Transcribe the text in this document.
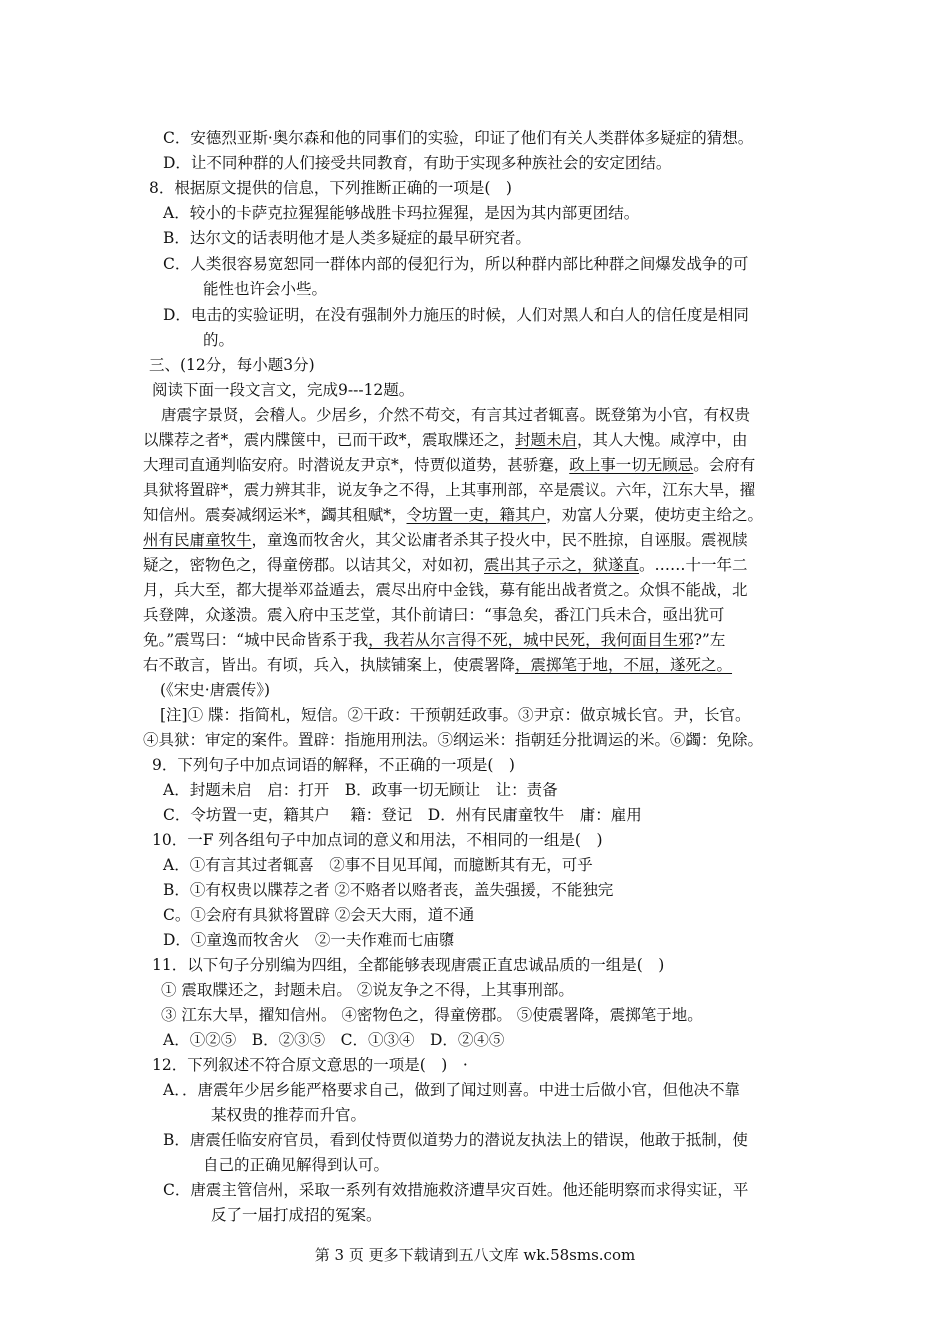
C．安德烈亚斯·奥尔森和他的同事们的实验，印证了他们有关人类群体多疑症的猜想。
D．让不同种群的人们接受共同教育，有助于实现多种族社会的安定团结。
8．根据原文提供的信息，下列推断正确的一项是(　)
A．较小的卡萨克拉猩猩能够战胜卡玛拉猩猩，是因为其内部更团结。
B．达尔文的话表明他才是人类多疑症的最早研究者。
C．人类很容易宽恕同一群体内部的侵犯行为，所以种群内部比种群之间爆发战争的可
能性也许会小些。
D．电击的实验证明，在没有强制外力施压的时候，人们对黑人和白人的信任度是相同
的。
三、(12分，每小题3分)
阅读下面一段文言文，完成9---12题。
唐震字景贤，会稽人。少居乡，介然不苟交，有言其过者辄喜。既登第为小官，有权贵
以牒荐之者*，震内牒箧中，已而干政*，震取牒还之，封题未启，其人大愧。咸淳中，由
大理司直通判临安府。时潜说友尹京*，恃贾似道势，甚骄蹇，政上事一切无顾忌。会府有
具狱将置辟*，震力辨其非，说友争之不得，上其事刑部，卒是震议。六年，江东大旱，擢
知信州。震奏减纲运米*，蠲其租赋*，令坊置一吏，籍其户，劝富人分粟，使坊吏主给之。
州有民庸童牧牛，童逸而牧舍火，其父讼庸者杀其子投火中，民不胜掠，自诬服。震视牍
疑之，密物色之，得童傍郡。以诘其父，对如初，震出其子示之，狱遂直。……十一年二
月，兵大至，都大提举邓益遁去，震尽出府中金钱，募有能出战者赏之。众惧不能战，北
兵登陴，众遂溃。震入府中玉芝堂，其仆前请曰：“事急矣，番江门兵未合，亟出犹可
免。”震骂曰：“城中民命皆系于我，我若从尔言得不死，城中民死，我何面目生邪?”左
右不敢言，皆出。有顷，兵入，执牍铺案上，使震署降，震掷笔于地，不屈，遂死之。
(《宋史·唐震传》)
[注]① 牒：指简札，短信。②干政：干预朝廷政事。③尹京：做京城长官。尹，长官。
④具狱：审定的案件。置辟：指施用刑法。⑤纲运米：指朝廷分批调运的米。⑥蠲：免除。
9．下列句子中加点词语的解释，不正确的一项是(　)
A．封题未启　启：打开　B．政事一切无顾让　让：责备
C．令坊置一吏，籍其户　 籍：登记　D．州有民庸童牧牛　庸：雇用
10．一F 列各组句子中加点词的意义和用法，不相同的一组是(　)
A．①有言其过者辄喜　②事不目见耳闻，而臆断其有无，可乎
B．①有权贵以牒荐之者 ②不赂者以赂者丧，盖失强援，不能独完
C。①会府有具狱将置辟 ②会天大雨，道不通
D．①童逸而牧舍火　②一夫作难而七庙隳
11．以下句子分别编为四组，全都能够表现唐震正直忠诚品质的一组是(　)
① 震取牒还之，封题未启。 ②说友争之不得，上其事刑部。
③ 江东大旱，擢知信州。 ④密物色之，得童傍郡。 ⑤使震署降，震掷笔于地。
A．①②⑤　B．②③⑤　C．①③④　D．②④⑤
12．下列叙述不符合原文意思的一项是(　)　·
A．．唐震年少居乡能严格要求自己，做到了闻过则喜。中进士后做小官，但他决不靠
某权贵的推荐而升官。
B．唐震任临安府官员，看到仗恃贾似道势力的潜说友执法上的错误，他敢于抵制，使
自己的正确见解得到认可。
C．唐震主管信州，采取一系列有效措施救济遭旱灾百姓。他还能明察而求得实证，平
反了一届打成招的冤案。
第 3 页 更多下载请到五八文库 wk.58sms.com
